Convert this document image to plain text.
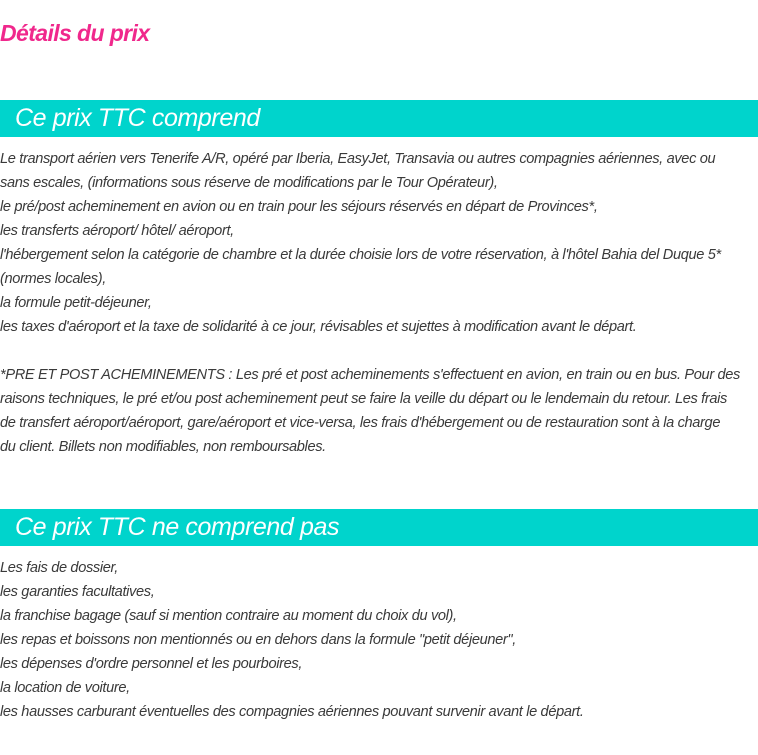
Détails du prix
Ce prix TTC comprend

Le transport aérien vers Tenerife A/R, opéré par Iberia, EasyJet, Transavia ou autres compagnies aériennes, avec ou

sans escales, (informations sous réserve de modifications par le Tour Opérateur),

le pré/post acheminement en avion ou en train pour les séjours réservés en départ de Provinces*,

les transferts aéroport/ hôtel/ aéroport,

l'hébergement selon la catégorie de chambre et la durée choisie lors de votre réservation, à l'hôtel Bahia del Duque 5*

(normes locales),

la formule petit-déjeuner,

les taxes d'aéroport et la taxe de solidarité à ce jour, révisables et sujettes à modification avant le départ.

*PRE ET POST ACHEMINEMENTS : Les pré et post acheminements s'effectuent en avion, en train ou en bus. Pour des

raisons techniques, le pré et/ou post acheminement peut se faire la veille du départ ou le lendemain du retour. Les frais

de transfert aéroport/aéroport, gare/aéroport et vice-versa, les frais d'hébergement ou de restauration sont à la charge

du client. Billets non modifiables, non remboursables.

Ce prix TTC ne comprend pas

Les fais de dossier,

les garanties facultatives,

la franchise bagage (sauf si mention contraire au moment du choix du vol),

les repas et boissons non mentionnés ou en dehors dans la formule "petit déjeuner",

les dépenses d'ordre personnel et les pourboires,

la location de voiture,

les hausses carburant éventuelles des compagnies aériennes pouvant survenir avant le départ.
